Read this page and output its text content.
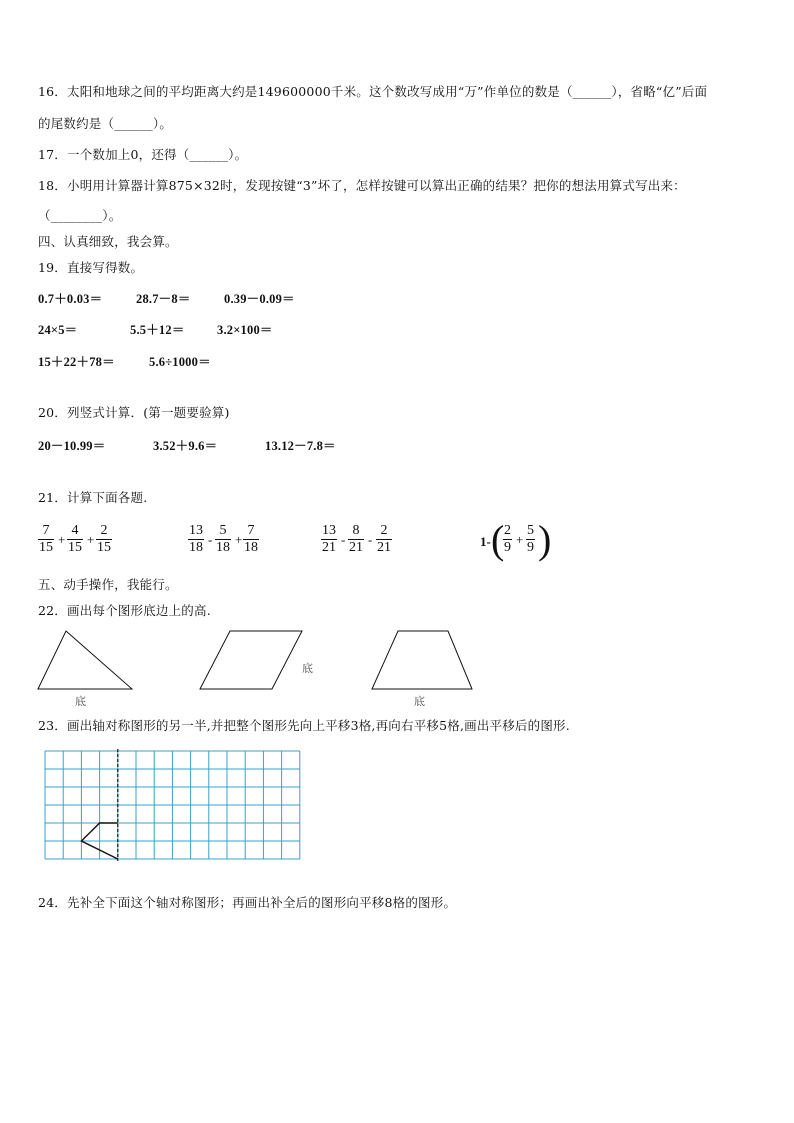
16．太阳和地球之间的平均距离大约是149600000千米。这个数改写成用“万”作单位的数是（______），省略“亿”后面
的尾数约是（______）。
17．一个数加上0，还得（______）。
18．小明用计算器计算875×32时，发现按键“3”坏了，怎样按键可以算出正确的结果？把你的想法用算式写出来：
（________）。
四、认真细致，我会算。
19．直接写得数。
0.7＋0.03＝	28.7－8＝	0.39－0.09＝
24×5＝	5.5＋12＝	3.2×100＝
15＋22＋78＝	5.6÷1000＝
20．列竖式计算．(第一题要验算)
20－10.99＝	3.52＋9.6＝	13.12－7.8＝
21．计算下面各题.
7
15
+
4
15
+
2
15
13
18
-
5
18
+
7
18
13
21
-
8
21
-
2
21	1- ( 2
9
+
5
9 )
五、动手操作，我能行。
22．画出每个图形底边上的高.
底
底
底
23．画出轴对称图形的另一半,并把整个图形先向上平移3格,再向右平移5格,画出平移后的图形.
24．先补全下面这个轴对称图形；再画出补全后的图形向平移8格的图形。
